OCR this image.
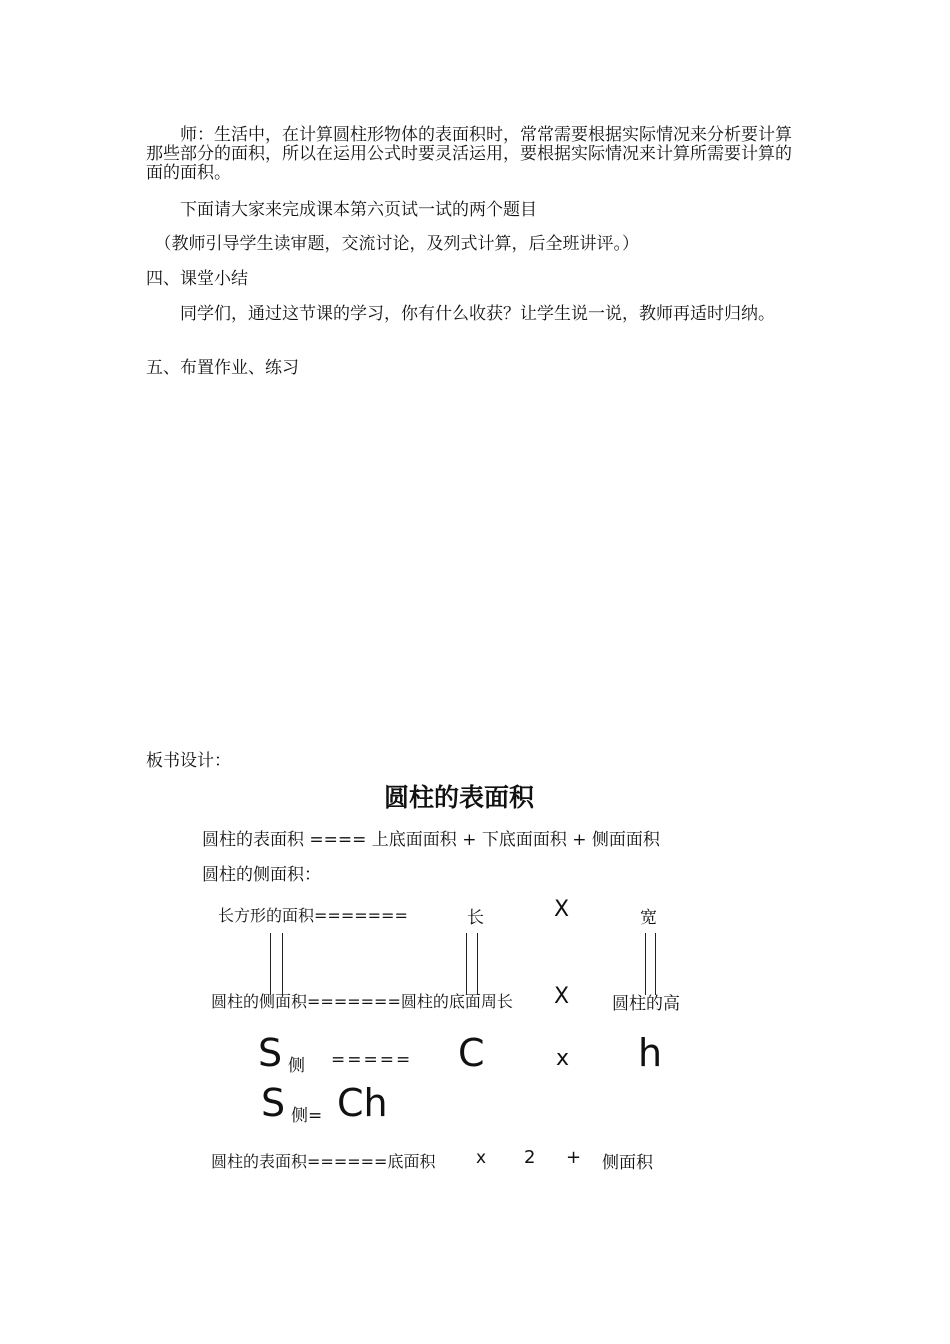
　　师：生活中，在计算圆柱形物体的表面积时，常常需要根据实际情况来分析要计算那些部分的面积，所以在运用公式时要灵活运用，要根据实际情况来计算所需要计算的面的面积。
　　下面请大家来完成课本第六页试一试的两个题目
　（教师引导学生读审题，交流讨论，及列式计算，后全班讲评。）
四、课堂小结
　　同学们，通过这节课的学习，你有什么收获？让学生说一说，教师再适时归纳。
五、布置作业、练习
板书设计：
圆柱的表面积
圆柱的表面积 ==== 上底面面积 + 下底面面积 + 侧面面积
圆柱的侧面积：
长方形的面积=======	长	X	宽
圆柱的侧面积=======圆柱的底面周长 X	圆柱的高
S 侧 ===== C	x h
S 侧= Ch
圆柱的表面积======底面积 x 2 + 侧面积
